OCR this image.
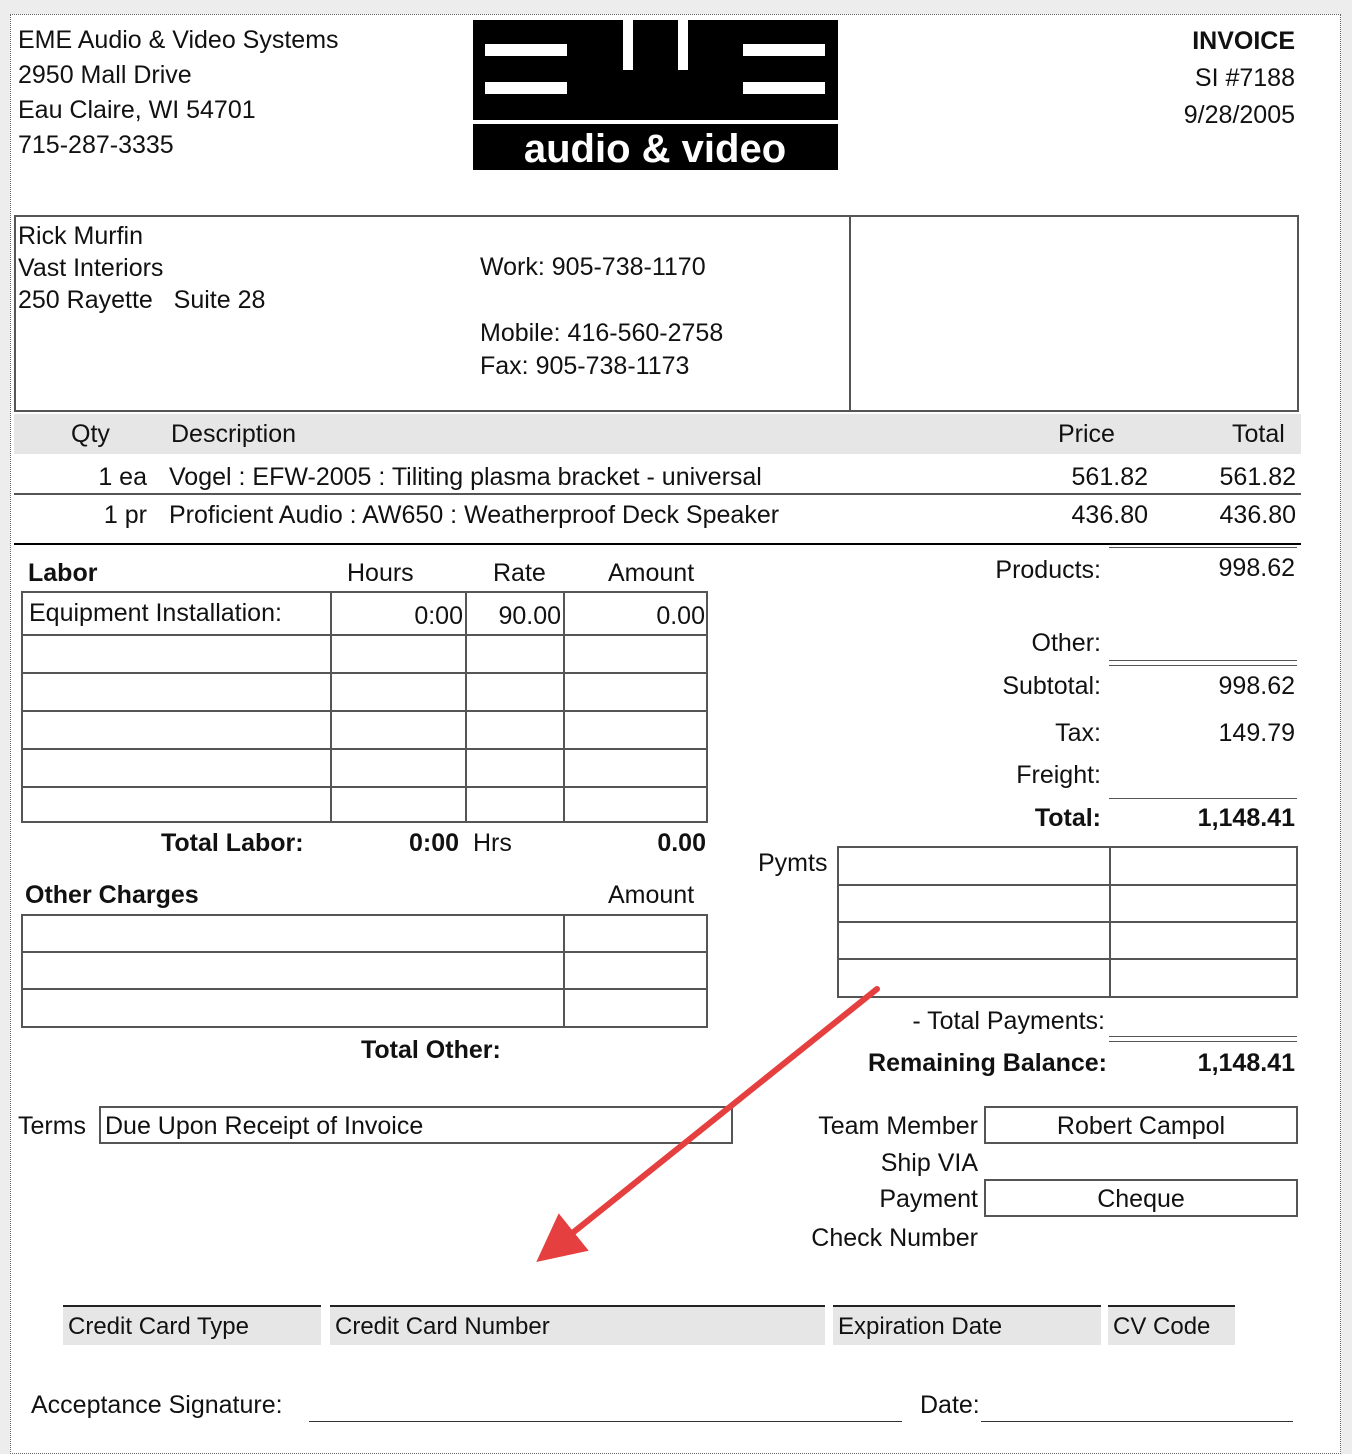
EME Audio & Video Systems
2950 Mall Drive
Eau Claire, WI 54701
715-287-3335	audio & video
INVOICE
SI #7188
9/28/2005
Rick Murfin
Vast Interiors
250 Rayette   Suite 28
Work: 905-738-1170
Mobile: 416-560-2758
Fax: 905-738-1173
Qty Description	Price	Total
1 ea Vogel : EFW-2005 : Tiliting plasma bracket - universal	561.82	561.82
1 pr Proficient Audio : AW650 : Weatherproof Deck Speaker	436.80	436.80
Labor	Hours	Rate Amount
Equipment Installation:	0:00	90.00	0.00
Total Labor:	0:00 Hrs	0.00
Other Charges	Amount
Total Other:
Products:	998.62
Other:
Subtotal:	998.62
Tax:	149.79
Freight:
Total:	1,148.41
Pymts
- Total Payments:
Remaining Balance:	1,148.41
Terms Due Upon Receipt of Invoice	Team Member	Robert Campol
Ship VIA
Payment	Cheque
Check Number
Credit Card Type	Credit Card Number	Expiration Date	CV Code
Acceptance Signature:	Date:
